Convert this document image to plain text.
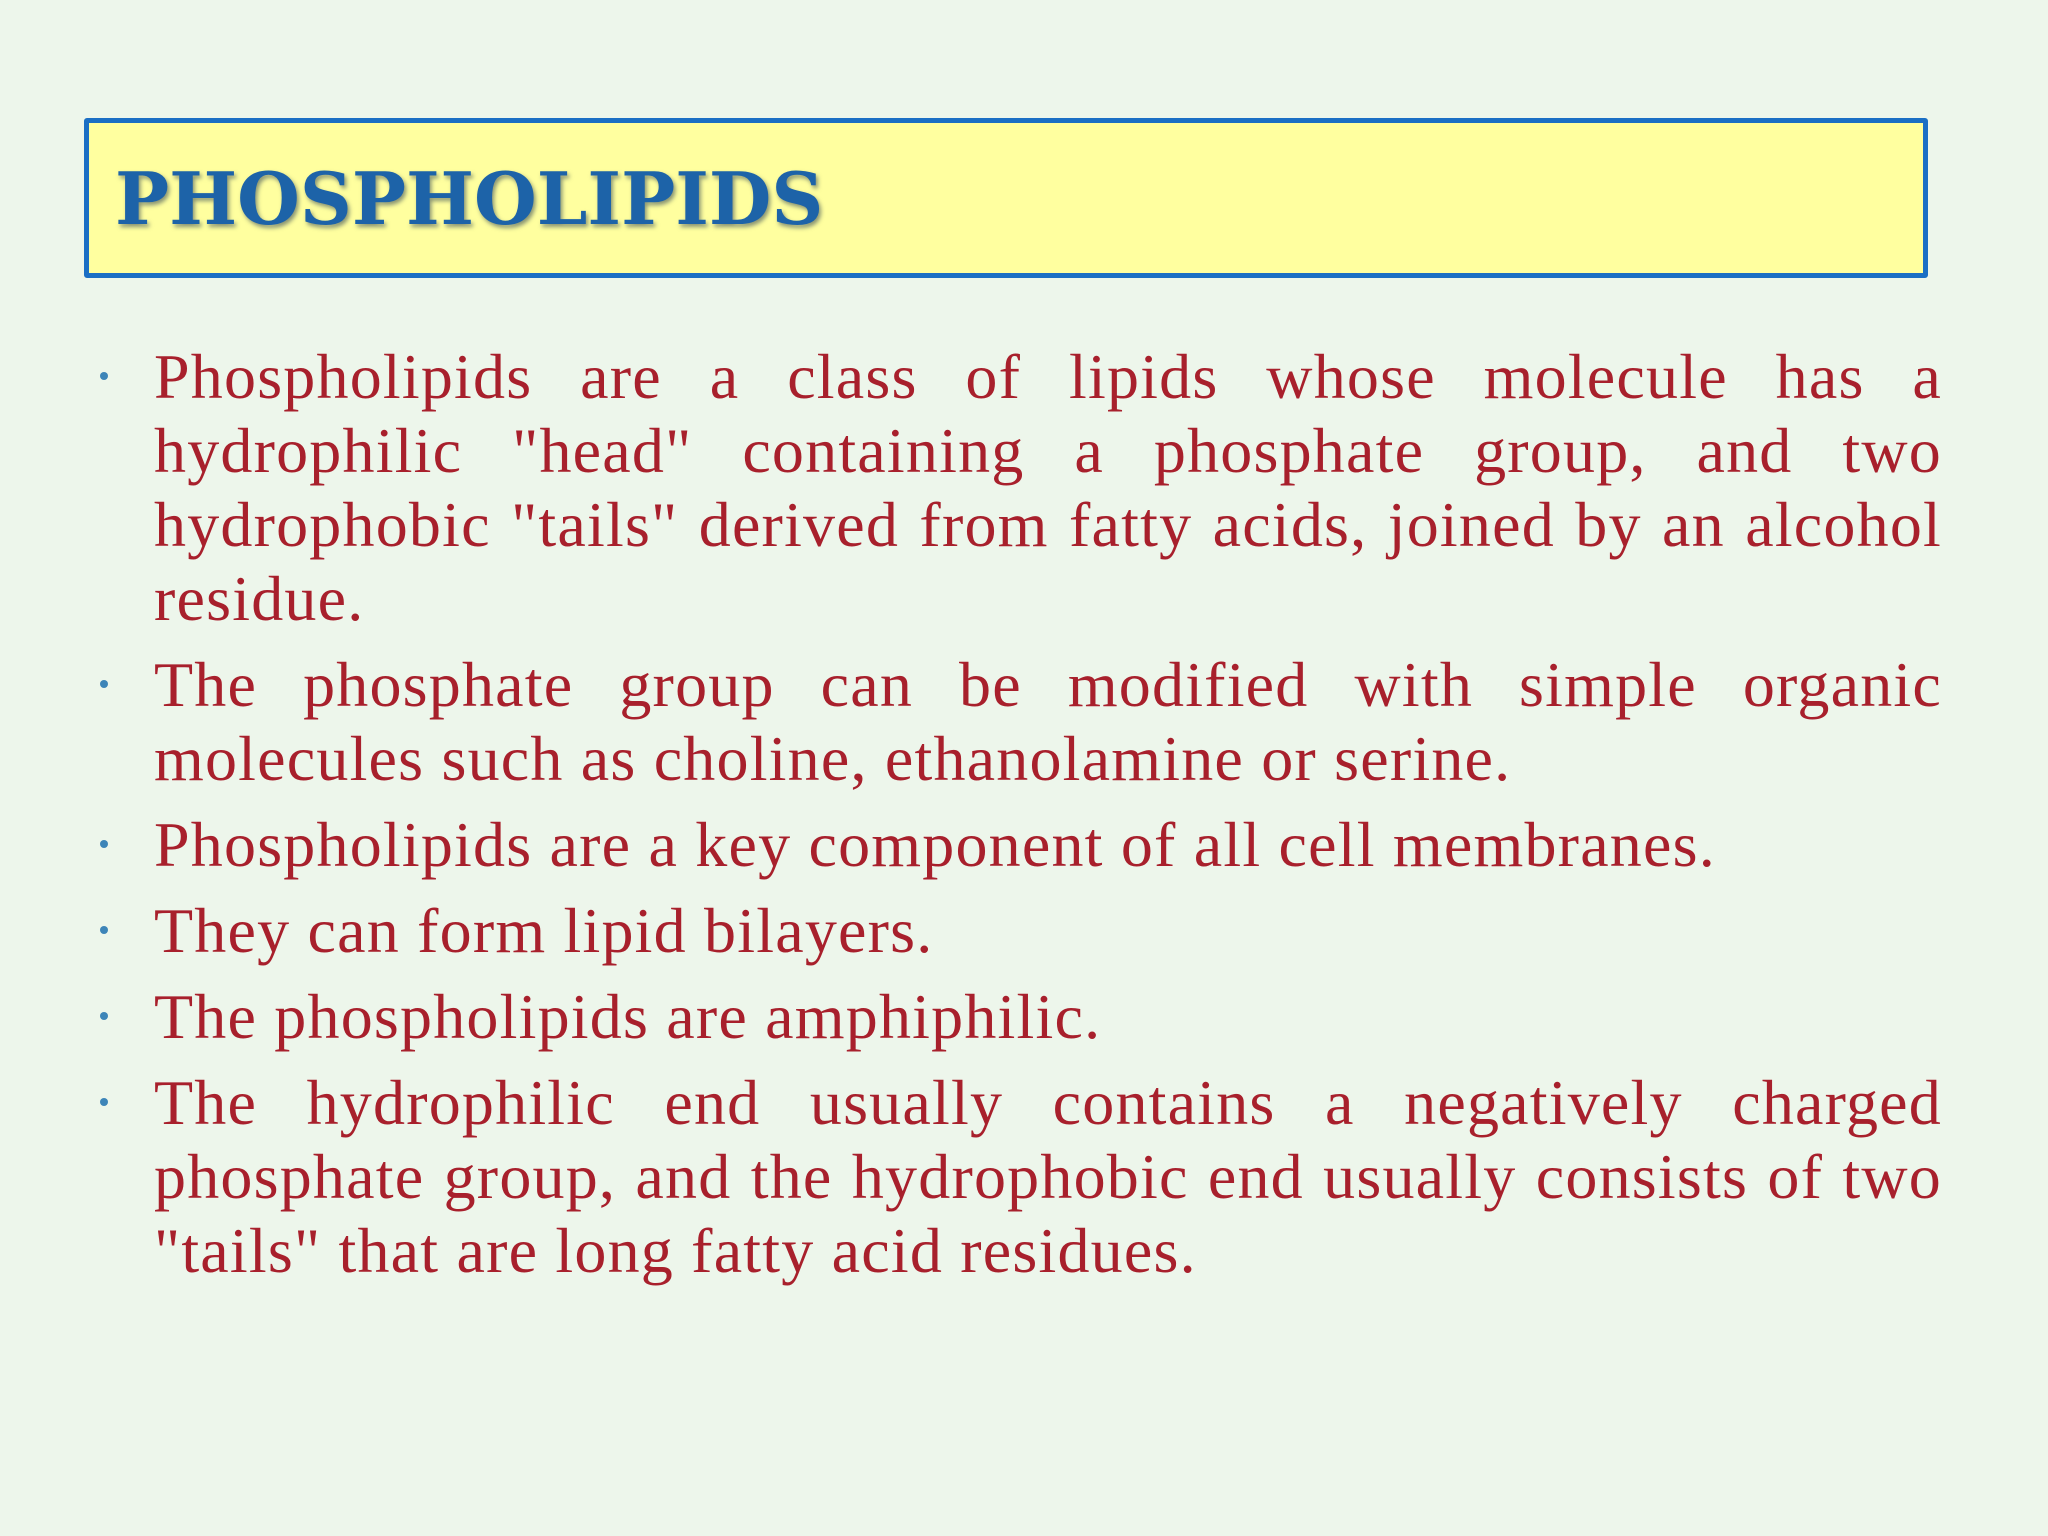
PHOSPHOLIPIDS
Phospholipids are a class of lipids whose molecule has a hydrophilic "head" containing a phosphate group, and two hydrophobic "tails" derived from fatty acids, joined by an alcohol residue.
The phosphate group can be modified with simple organic molecules such as choline, ethanolamine or serine.
Phospholipids are a key component of all cell membranes.
They can form lipid bilayers.
The phospholipids are amphiphilic.
The hydrophilic end usually contains a negatively charged phosphate group, and the hydrophobic end usually consists of two "tails" that are long fatty acid residues.
